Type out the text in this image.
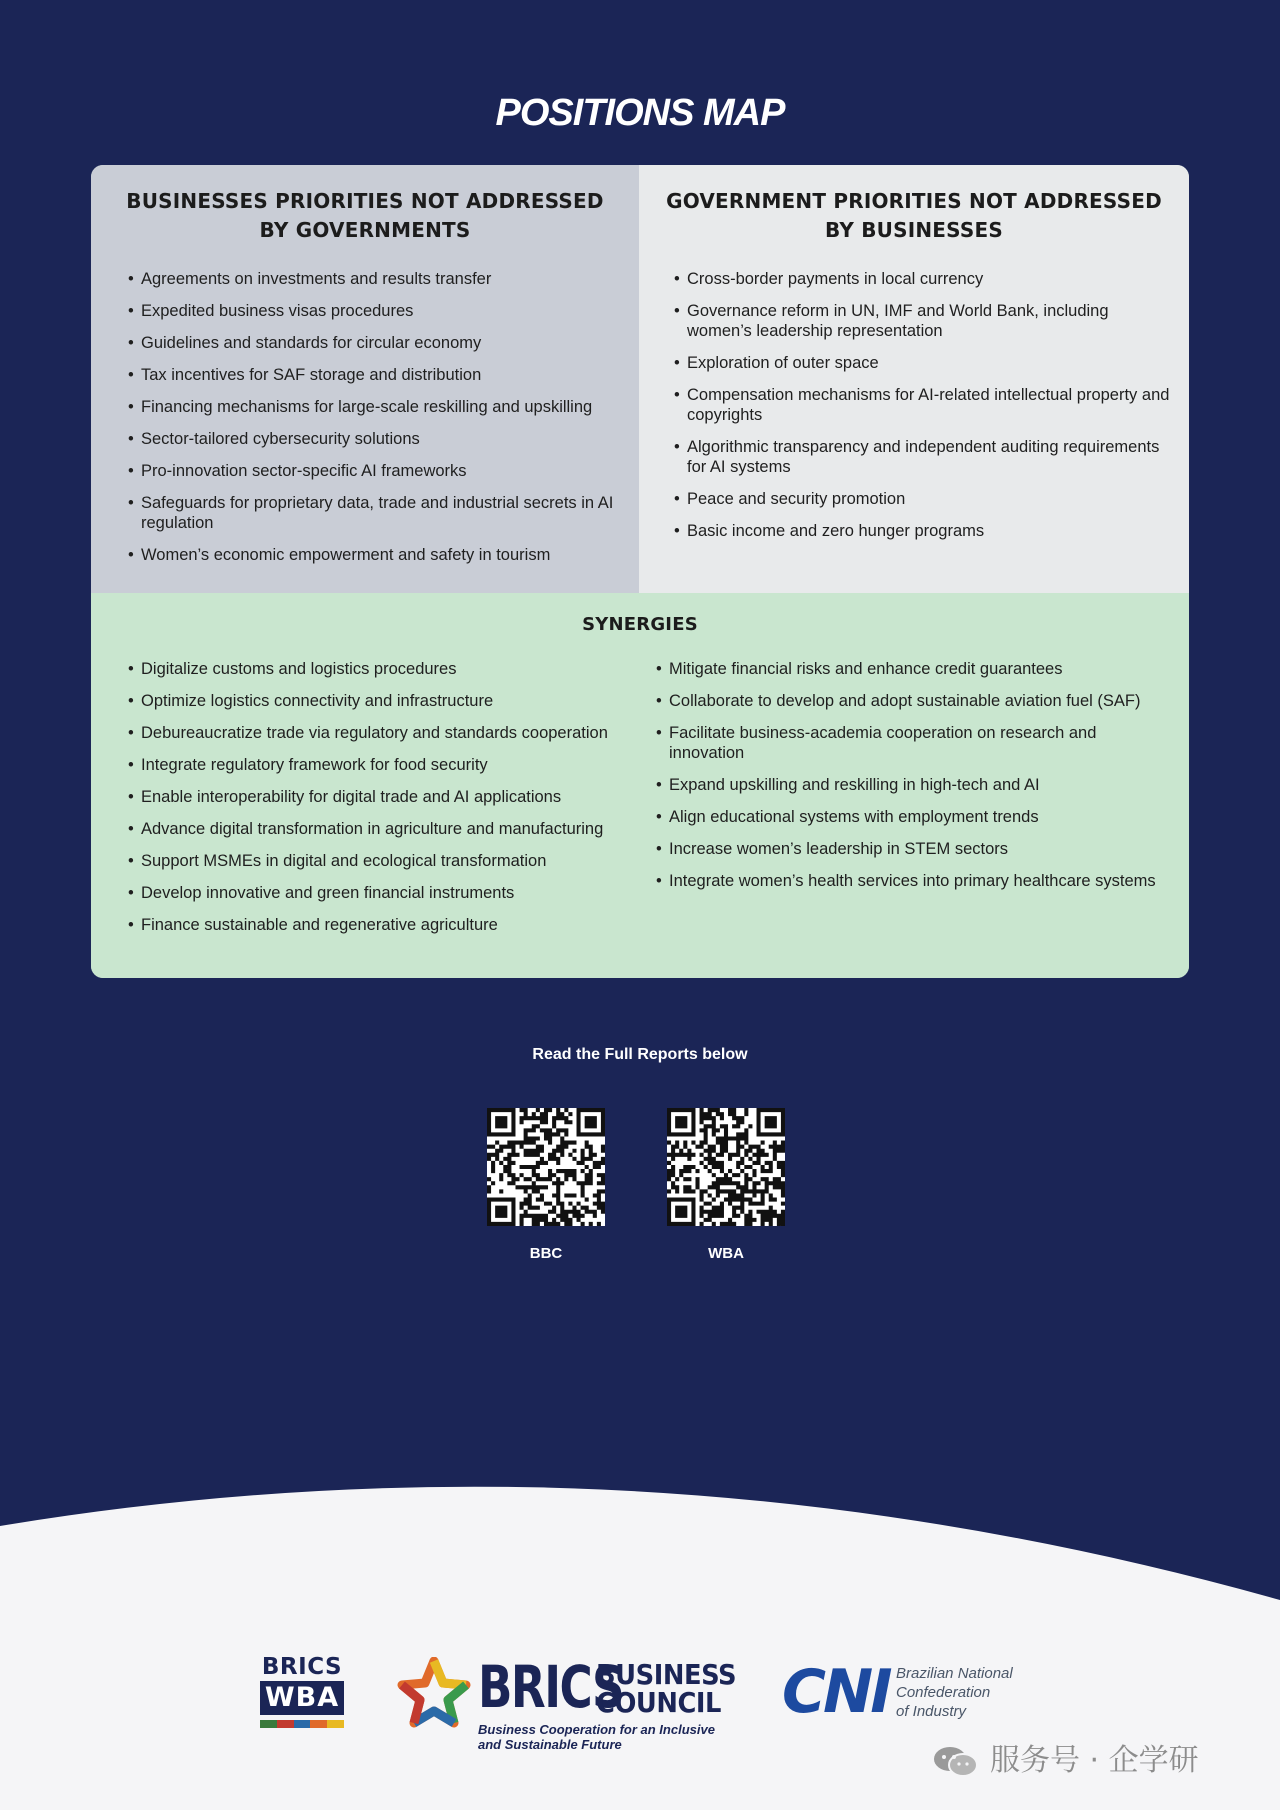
POSITIONS MAP
BUSINESSES PRIORITIES NOT ADDRESSED BY GOVERNMENTS
• Agreements on investments and results transfer
• Expedited business visas procedures
• Guidelines and standards for circular economy
• Tax incentives for SAF storage and distribution
• Financing mechanisms for large-scale reskilling and upskilling
• Sector-tailored cybersecurity solutions
• Pro-innovation sector-specific AI frameworks
• Safeguards for proprietary data, trade and industrial secrets in AI regulation
• Women’s economic empowerment and safety in tourism
GOVERNMENT PRIORITIES NOT ADDRESSED BY BUSINESSES
• Cross-border payments in local currency
• Governance reform in UN, IMF and World Bank, including women’s leadership representation
• Exploration of outer space
• Compensation mechanisms for AI-related intellectual property and copyrights
• Algorithmic transparency and independent auditing requirements for AI systems
• Peace and security promotion
• Basic income and zero hunger programs
SYNERGIES
• Digitalize customs and logistics procedures
• Optimize logistics connectivity and infrastructure
• Debureaucratize trade via regulatory and standards cooperation
• Integrate regulatory framework for food security
• Enable interoperability for digital trade and AI applications
• Advance digital transformation in agriculture and manufacturing
• Support MSMEs in digital and ecological transformation
• Develop innovative and green financial instruments
• Finance sustainable and regenerative agriculture
• Mitigate financial risks and enhance credit guarantees
• Collaborate to develop and adopt sustainable aviation fuel (SAF)
• Facilitate business-academia cooperation on research and innovation
• Expand upskilling and reskilling in high-tech and AI
• Align educational systems with employment trends
• Increase women’s leadership in STEM sectors
• Integrate women’s health services into primary healthcare systems

Read the Full Reports below

BBC	WBA
BRICS
WBA BRICS
BUSINESS
COUNCIL
Business Cooperation for an Inclusive
and Sustainable Future
CNI Brazilian National
Confederation
of Industry
服务号 · 企学研
